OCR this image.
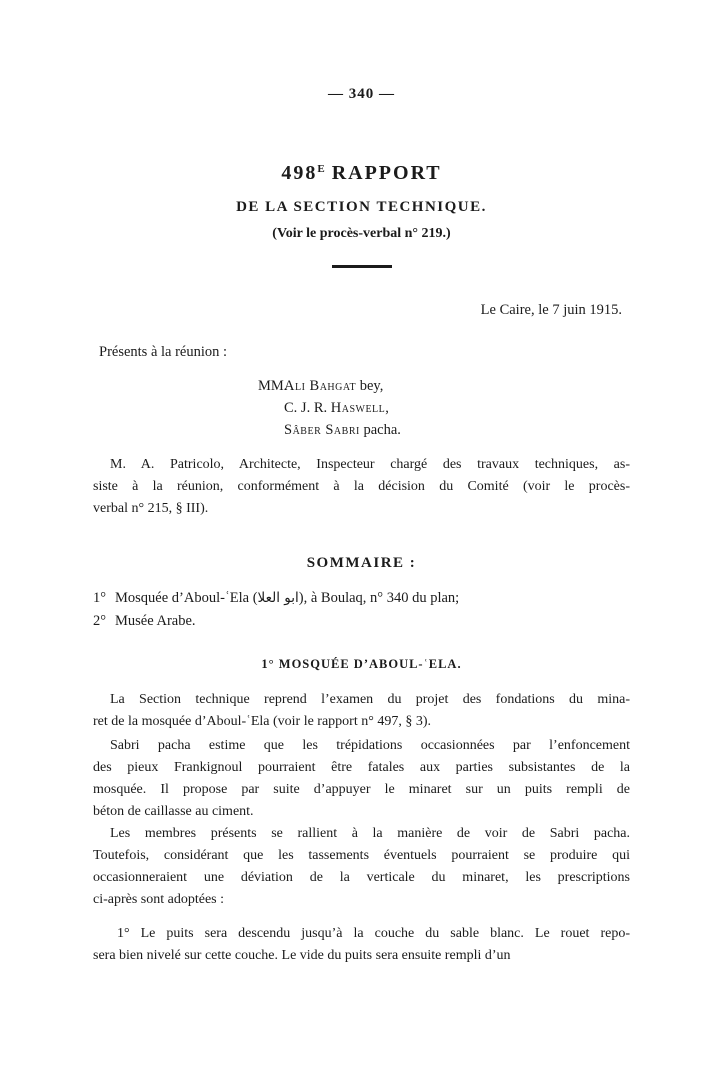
— 340 —
$498^E$ RAPPORT
DE LA SECTION TECHNIQUE.
(Voir le procès-verbal n° 219.)
Le Caire, le 7 juin 1915.
Présents à la réunion :
MM.
Ali Bahgat bey,
C. J. R. Haswell,
Sâber Sabri pacha.
M. A. Patricolo, Architecte, Inspecteur chargé des travaux techniques, as-
siste à la réunion, conformément à la décision du Comité (voir le procès-
verbal n° 215, § III).
SOMMAIRE :
1° Mosquée d’Aboul-ʿEla (ابو العلا), à Boulaq, n° 340 du plan;
2° Musée Arabe.
1° MOSQUÉE D’ABOUL-ʿELA.
La Section technique reprend l’examen du projet des fondations du mina-
ret de la mosquée d’Aboul-ʿEla (voir le rapport n° 497, § 3).
Sabri pacha estime que les trépidations occasionnées par l’enfoncement
des pieux Frankignoul pourraient être fatales aux parties subsistantes de la
mosquée. Il propose par suite d’appuyer le minaret sur un puits rempli de
béton de caillasse au ciment.
Les membres présents se rallient à la manière de voir de Sabri pacha.
Toutefois, considérant que les tassements éventuels pourraient se produire qui
occasionneraient une déviation de la verticale du minaret, les prescriptions
ci-après sont adoptées :
1° Le puits sera descendu jusqu’à la couche du sable blanc. Le rouet repo-
sera bien nivelé sur cette couche. Le vide du puits sera ensuite rempli d’un
